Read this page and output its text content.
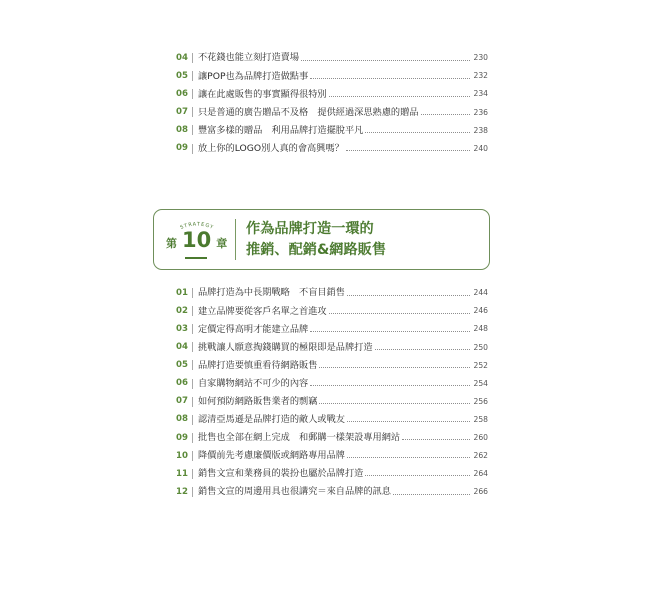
04 不花錢也能立刻打造賣場	230
05 讓POP也為品牌打造做點事	232
06 讓在此處販售的事實顯得很特別	234
07 只是普通的廣告贈品不及格　提供經過深思熟慮的贈品	236
08 豐富多樣的贈品　利用品牌打造擺脫平凡	238
09 放上你的LOGO別人真的會高興嗎？	240
STRATEGY
第 10 章
作為品牌打造一環的
推銷、配銷&網路販售
01 品牌打造為中長期戰略　不盲目銷售	244
02 建立品牌要從客戶名單之首進攻	246
03 定價定得高明才能建立品牌	248
04 挑戰讓人願意掏錢購買的極限即是品牌打造	250
05 品牌打造要慎重看待網路販售	252
06 自家購物網站不可少的內容	254
07 如何預防網路販售業者的剽竊	256
08 認清亞馬遜是品牌打造的敵人或戰友	258
09 批售也全部在網上完成　和郵購一樣架設專用網站	260
10 降價前先考慮廉價版或網路專用品牌	262
11 銷售文宣和業務員的裝扮也屬於品牌打造	264
12 銷售文宣的周邊用具也很講究＝來自品牌的訊息	266
